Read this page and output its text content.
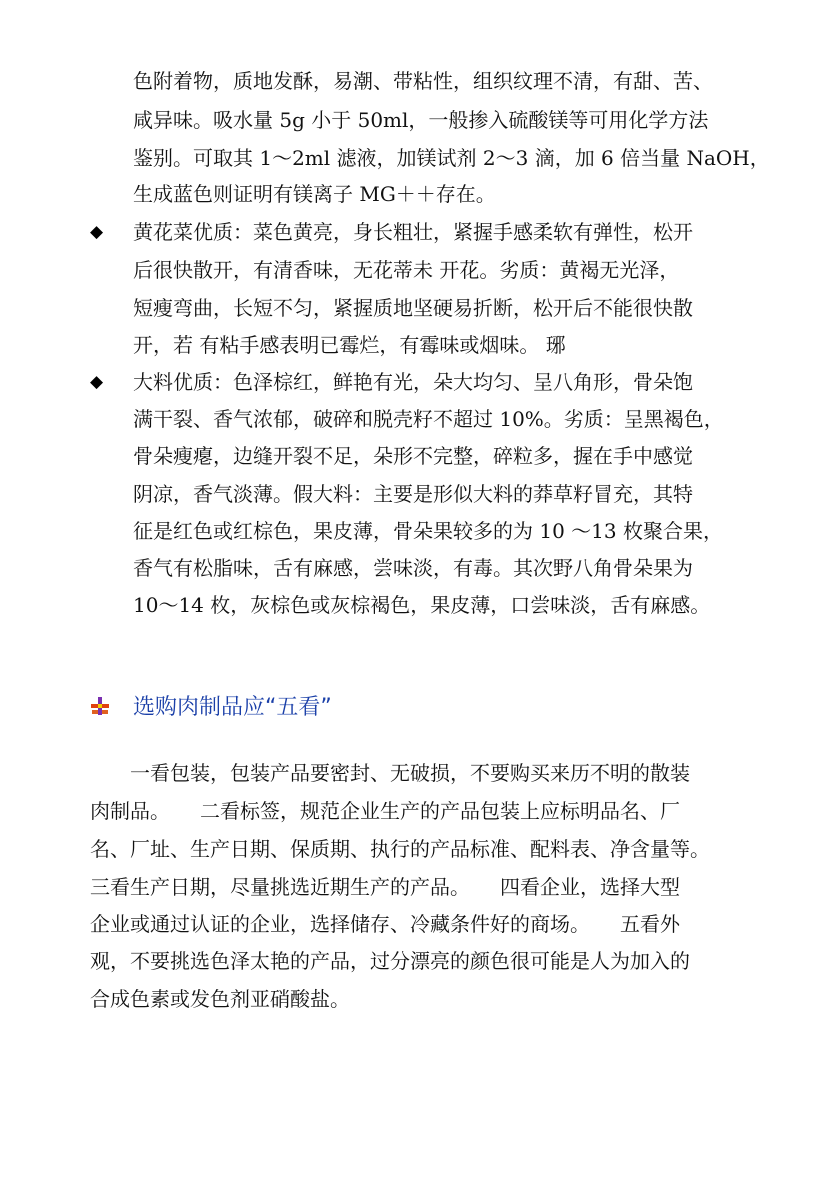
色附着物，质地发酥，易潮、带粘性，组织纹理不清，有甜、苦、
咸异味。吸水量 5g 小于 50ml，一般掺入硫酸镁等可用化学方法
鉴别。可取其 1～2ml 滤液，加镁试剂 2～3 滴，加 6 倍当量 NaOH，
生成蓝色则证明有镁离子 MG＋＋存在。
◆ 黄花菜优质：菜色黄亮，身长粗壮，紧握手感柔软有弹性，松开
后很快散开，有清香味，无花蒂未 开花。劣质：黄褐无光泽，
短瘦弯曲，长短不匀，紧握质地坚硬易折断，松开后不能很快散
开，若 有粘手感表明已霉烂，有霉味或烟味。 琊
◆ 大料优质：色泽棕红，鲜艳有光，朵大均匀、呈八角形，骨朵饱
满干裂、香气浓郁，破碎和脱壳籽不超过 10%。劣质：呈黑褐色，
骨朵瘦瘪，边缝开裂不足，朵形不完整，碎粒多，握在手中感觉
阴凉，香气淡薄。假大料：主要是形似大料的莽草籽冒充，其特
征是红色或红棕色，果皮薄，骨朵果较多的为 10 ～13 枚聚合果，
香气有松脂味，舌有麻感，尝味淡，有毒。其次野八角骨朵果为
10～14 枚，灰棕色或灰棕褐色，果皮薄，口尝味淡，舌有麻感。
选购肉制品应“五看”
　　一看包装，包装产品要密封、无破损，不要购买来历不明的散装
肉制品。　　二看标签，规范企业生产的产品包装上应标明品名、厂
名、厂址、生产日期、保质期、执行的产品标准、配料表、净含量等。
三看生产日期，尽量挑选近期生产的产品。　　四看企业，选择大型
企业或通过认证的企业，选择储存、冷藏条件好的商场。　　五看外
观，不要挑选色泽太艳的产品，过分漂亮的颜色很可能是人为加入的
合成色素或发色剂亚硝酸盐。
